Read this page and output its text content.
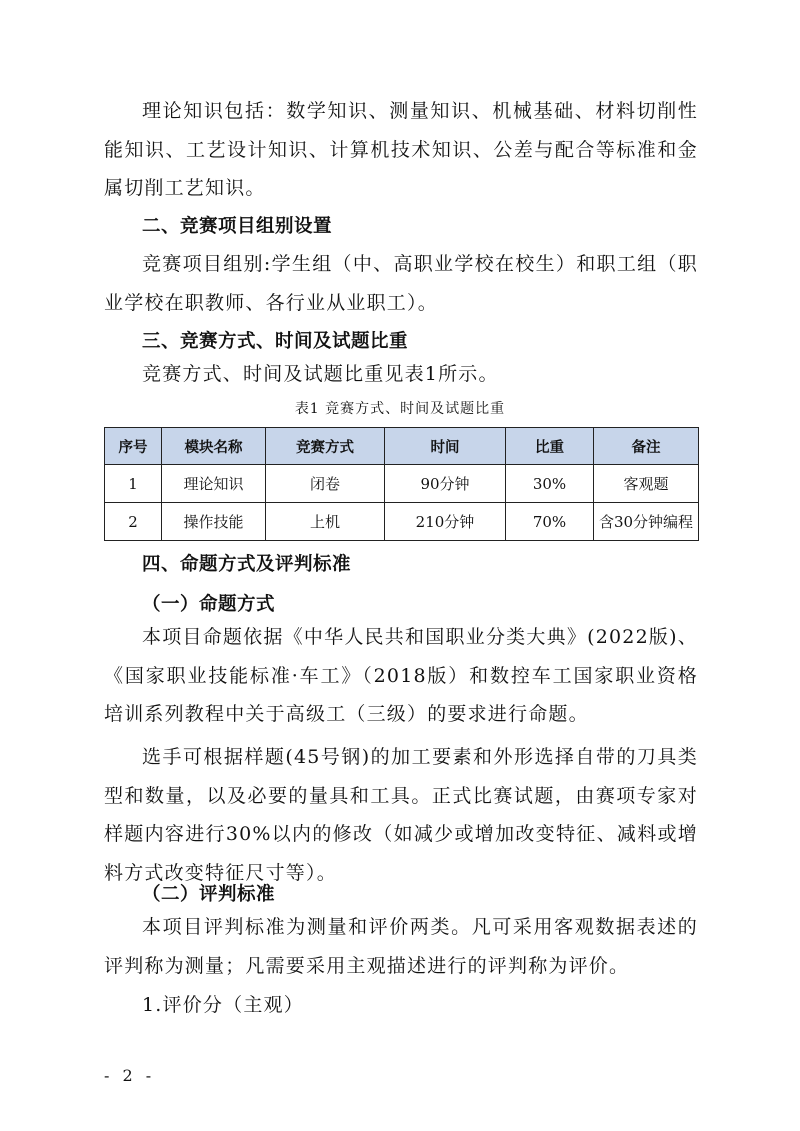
理论知识包括：数学知识、测量知识、机械基础、材料切削性能知识、工艺设计知识、计算机技术知识、公差与配合等标准和金属切削工艺知识。
二、竞赛项目组别设置
竞赛项目组别:学生组（中、高职业学校在校生）和职工组（职业学校在职教师、各行业从业职工）。
三、竞赛方式、时间及试题比重
竞赛方式、时间及试题比重见表1所示。
表1 竞赛方式、时间及试题比重
序号	模块名称	竞赛方式	时间	比重	备注
1	理论知识	闭卷	90分钟	30%	客观题
2	操作技能	上机	210分钟	70%	含30分钟编程
四、命题方式及评判标准
（一）命题方式
本项目命题依据《中华人民共和国职业分类大典》(2022版)、《国家职业技能标准·车工》（2018版）和数控车工国家职业资格培训系列教程中关于高级工（三级）的要求进行命题。
选手可根据样题(45号钢)的加工要素和外形选择自带的刀具类型和数量，以及必要的量具和工具。正式比赛试题，由赛项专家对样题内容进行30%以内的修改（如减少或增加改变特征、减料或增料方式改变特征尺寸等）。
（二）评判标准
本项目评判标准为测量和评价两类。凡可采用客观数据表述的评判称为测量；凡需要采用主观描述进行的评判称为评价。
1.评价分（主观）
- 2 -
